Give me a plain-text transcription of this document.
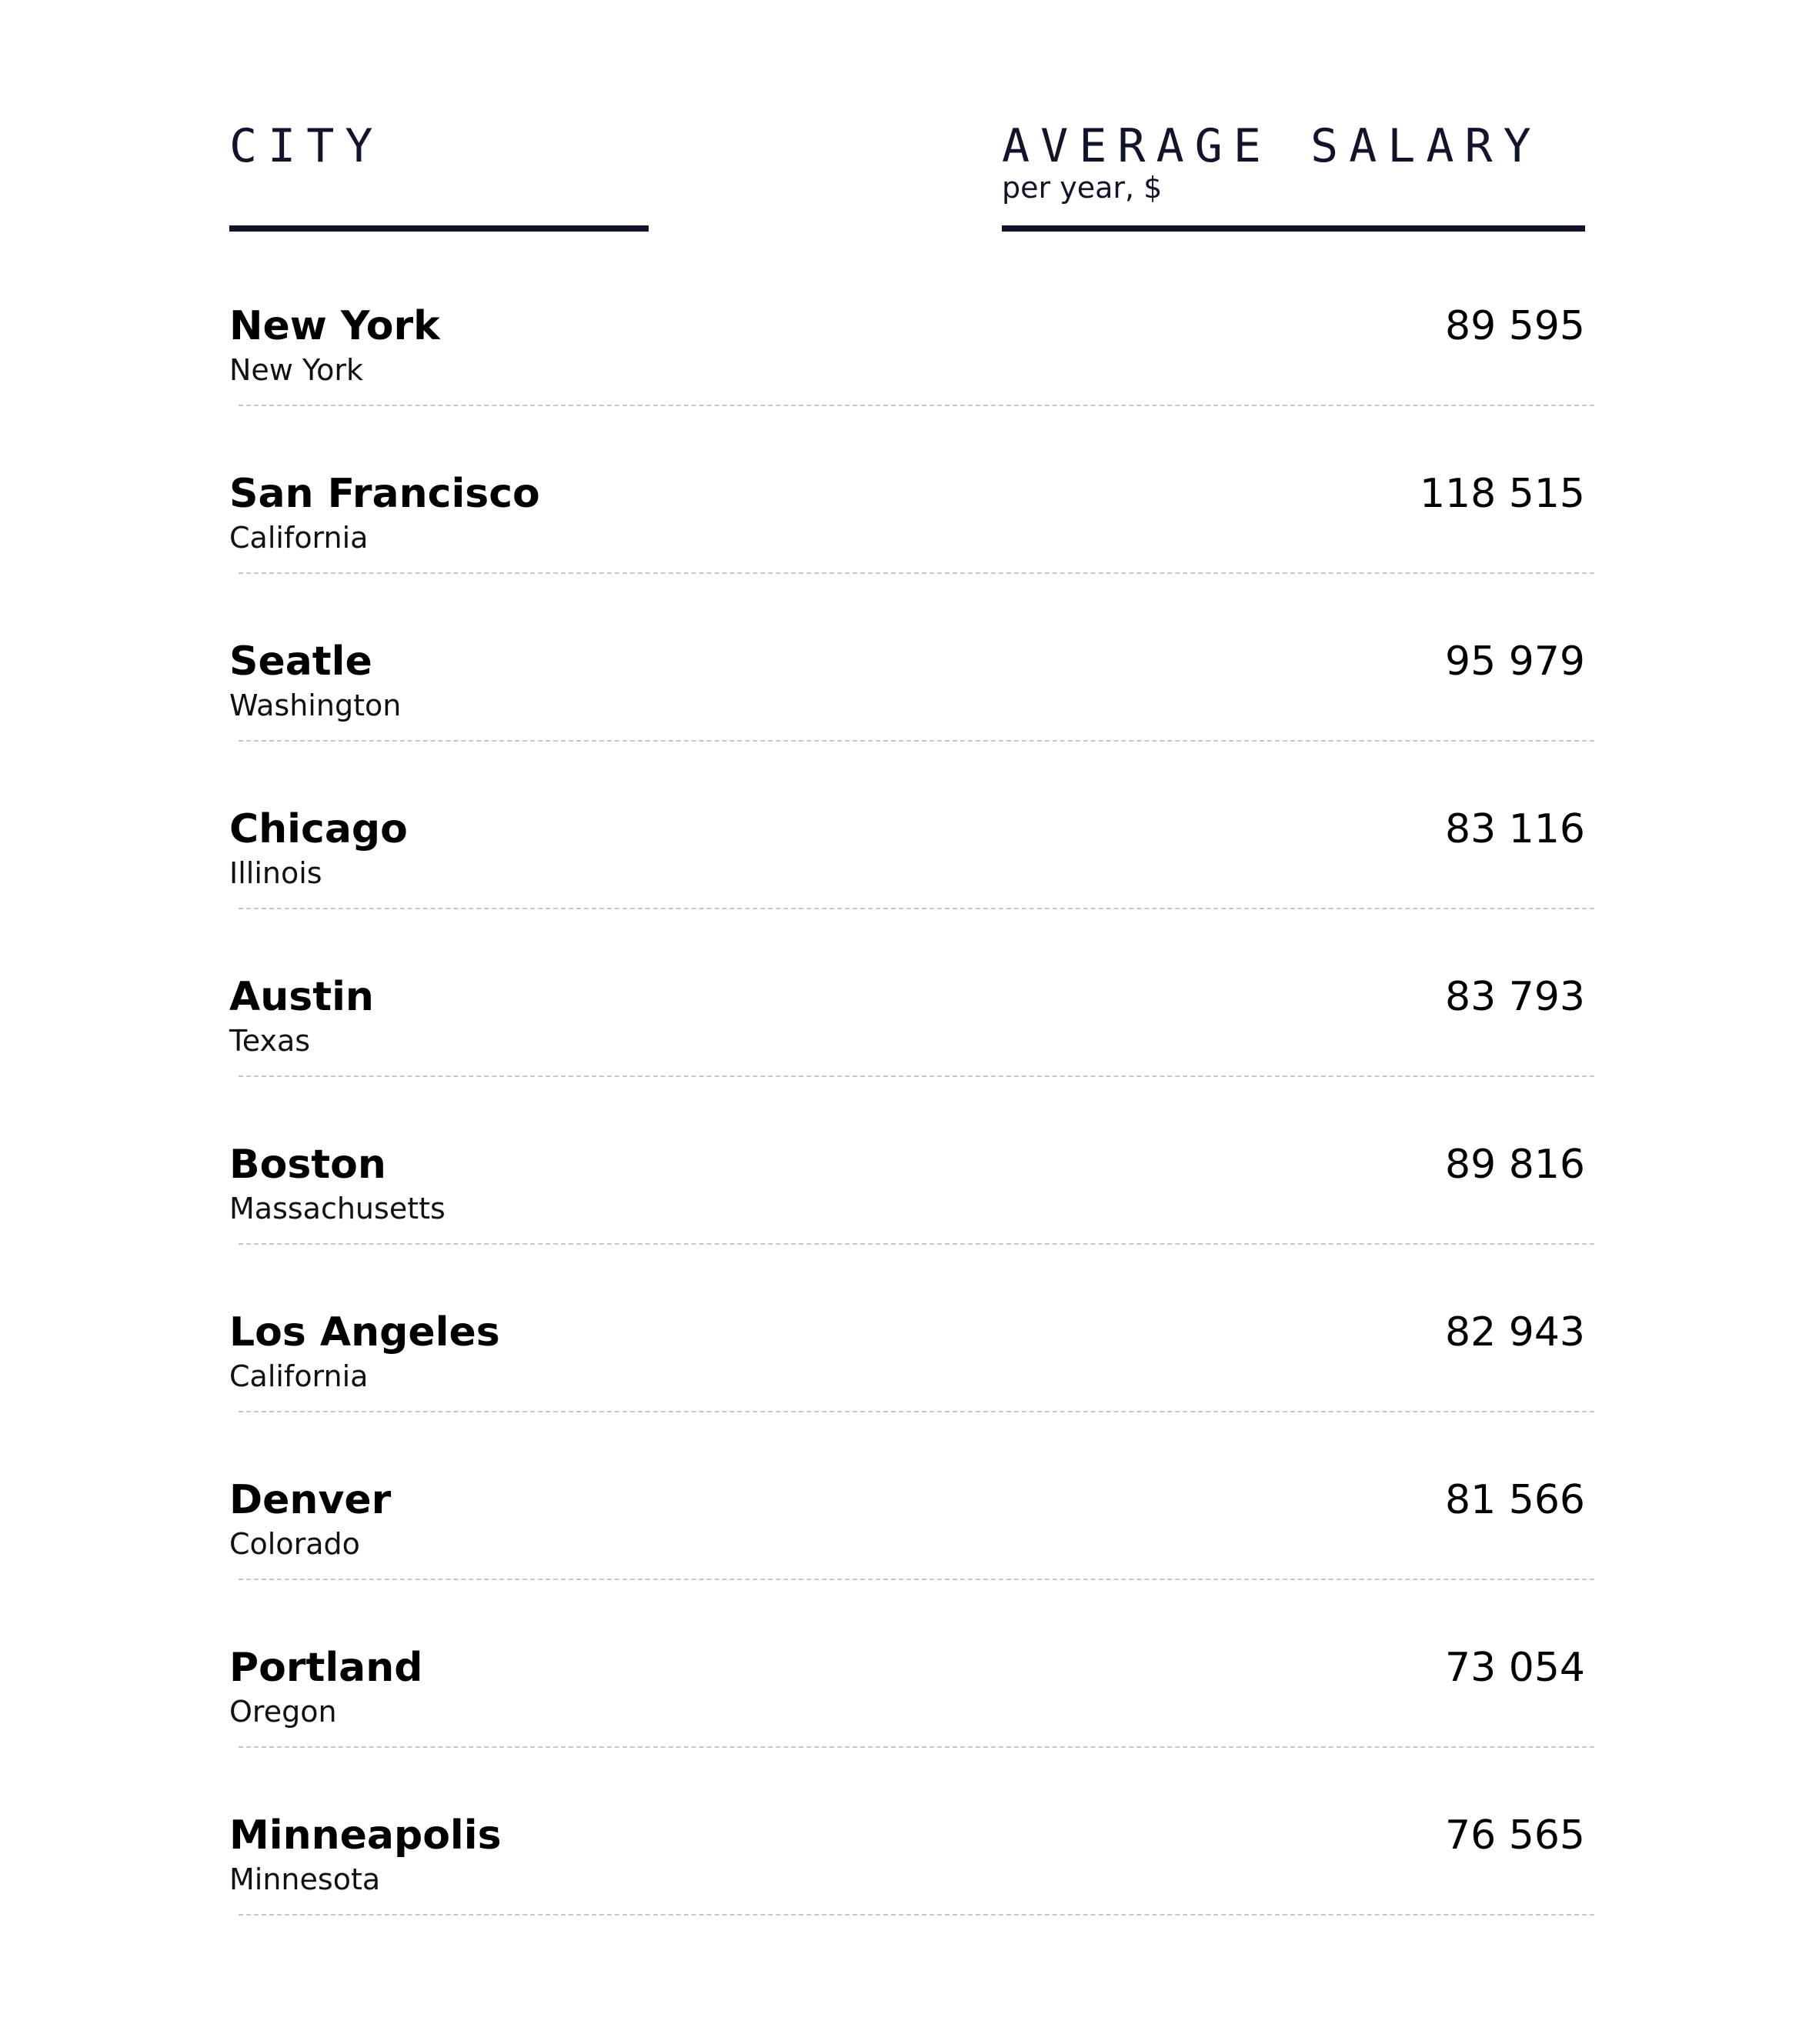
CITY	AVERAGE SALARY
per year, $
New York
New York
89 595
San Francisco
California
118 515
Seatle
Washington
95 979
Chicago
Illinois
83 116
Austin
Texas
83 793
Boston
Massachusetts
89 816
Los Angeles
California
82 943
Denver
Colorado
81 566
Portland
Oregon
73 054
Minneapolis
Minnesota
76 565
